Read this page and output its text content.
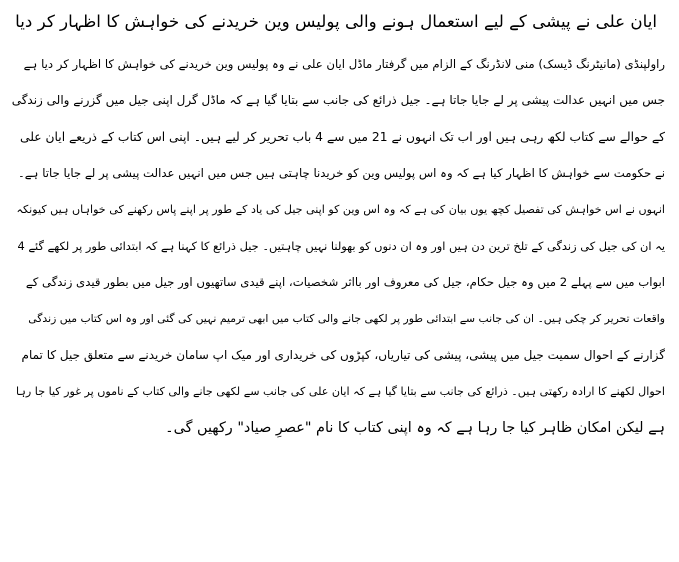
ایان علی نے پیشی کے لیے استعمال ہونے والی پولیس وین خریدنے کی خواہش کا اظہار کر دیا
راولپنڈی (مانیٹرنگ ڈیسک) منی لانڈرنگ کے الزام میں گرفتار ماڈل ایان علی نے وہ پولیس وین خریدنے کی خواہش کا اظہار کر دیا ہے
جس میں انہیں عدالت پیشی پر لے جایا جاتا ہے۔ جیل ذرائع کی جانب سے بتایا گیا ہے کہ ماڈل گرل اپنی جیل میں گزرنے والی زندگی
کے حوالے سے کتاب لکھ رہی ہیں اور اب تک انہوں نے 21 میں سے 4 باب تحریر کر لیے ہیں۔ اپنی اس کتاب کے ذریعے ایان علی
نے حکومت سے خواہش کا اظہار کیا ہے کہ وہ اس پولیس وین کو خریدنا چاہتی ہیں جس میں انہیں عدالت پیشی پر لے جایا جاتا ہے۔
انہوں نے اس خواہش کی تفصیل کچھ یوں بیان کی ہے کہ وہ اس وین کو اپنی جیل کی یاد کے طور پر اپنے پاس رکھنے کی خواہاں ہیں کیونکہ
یہ ان کی جیل کی زندگی کے تلخ ترین دن ہیں اور وہ ان دنوں کو بھولنا نہیں چاہتیں۔ جیل ذرائع کا کہنا ہے کہ ابتدائی طور پر لکھے گئے 4
ابواب میں سے پہلے 2 میں وہ جیل حکام، جیل کی معروف اور بااثر شخصیات، اپنے قیدی ساتھیوں اور جیل میں بطور قیدی زندگی کے
واقعات تحریر کر چکی ہیں۔ ان کی جانب سے ابتدائی طور پر لکھی جانے والی کتاب میں ابھی ترمیم نہیں کی گئی اور وہ اس کتاب میں زندگی
گزارنے کے احوال سمیت جیل میں پیشی، پیشی کی تیاریاں، کپڑوں کی خریداری اور میک اپ سامان خریدنے سے متعلق جیل کا تمام
احوال لکھنے کا ارادہ رکھتی ہیں۔ ذرائع کی جانب سے بتایا گیا ہے کہ ایان علی کی جانب سے لکھی جانے والی کتاب کے ناموں پر غور کیا جا رہا
ہے لیکن امکان ظاہر کیا جا رہا ہے کہ وہ اپنی کتاب کا نام "عصرِ صیاد" رکھیں گی۔
